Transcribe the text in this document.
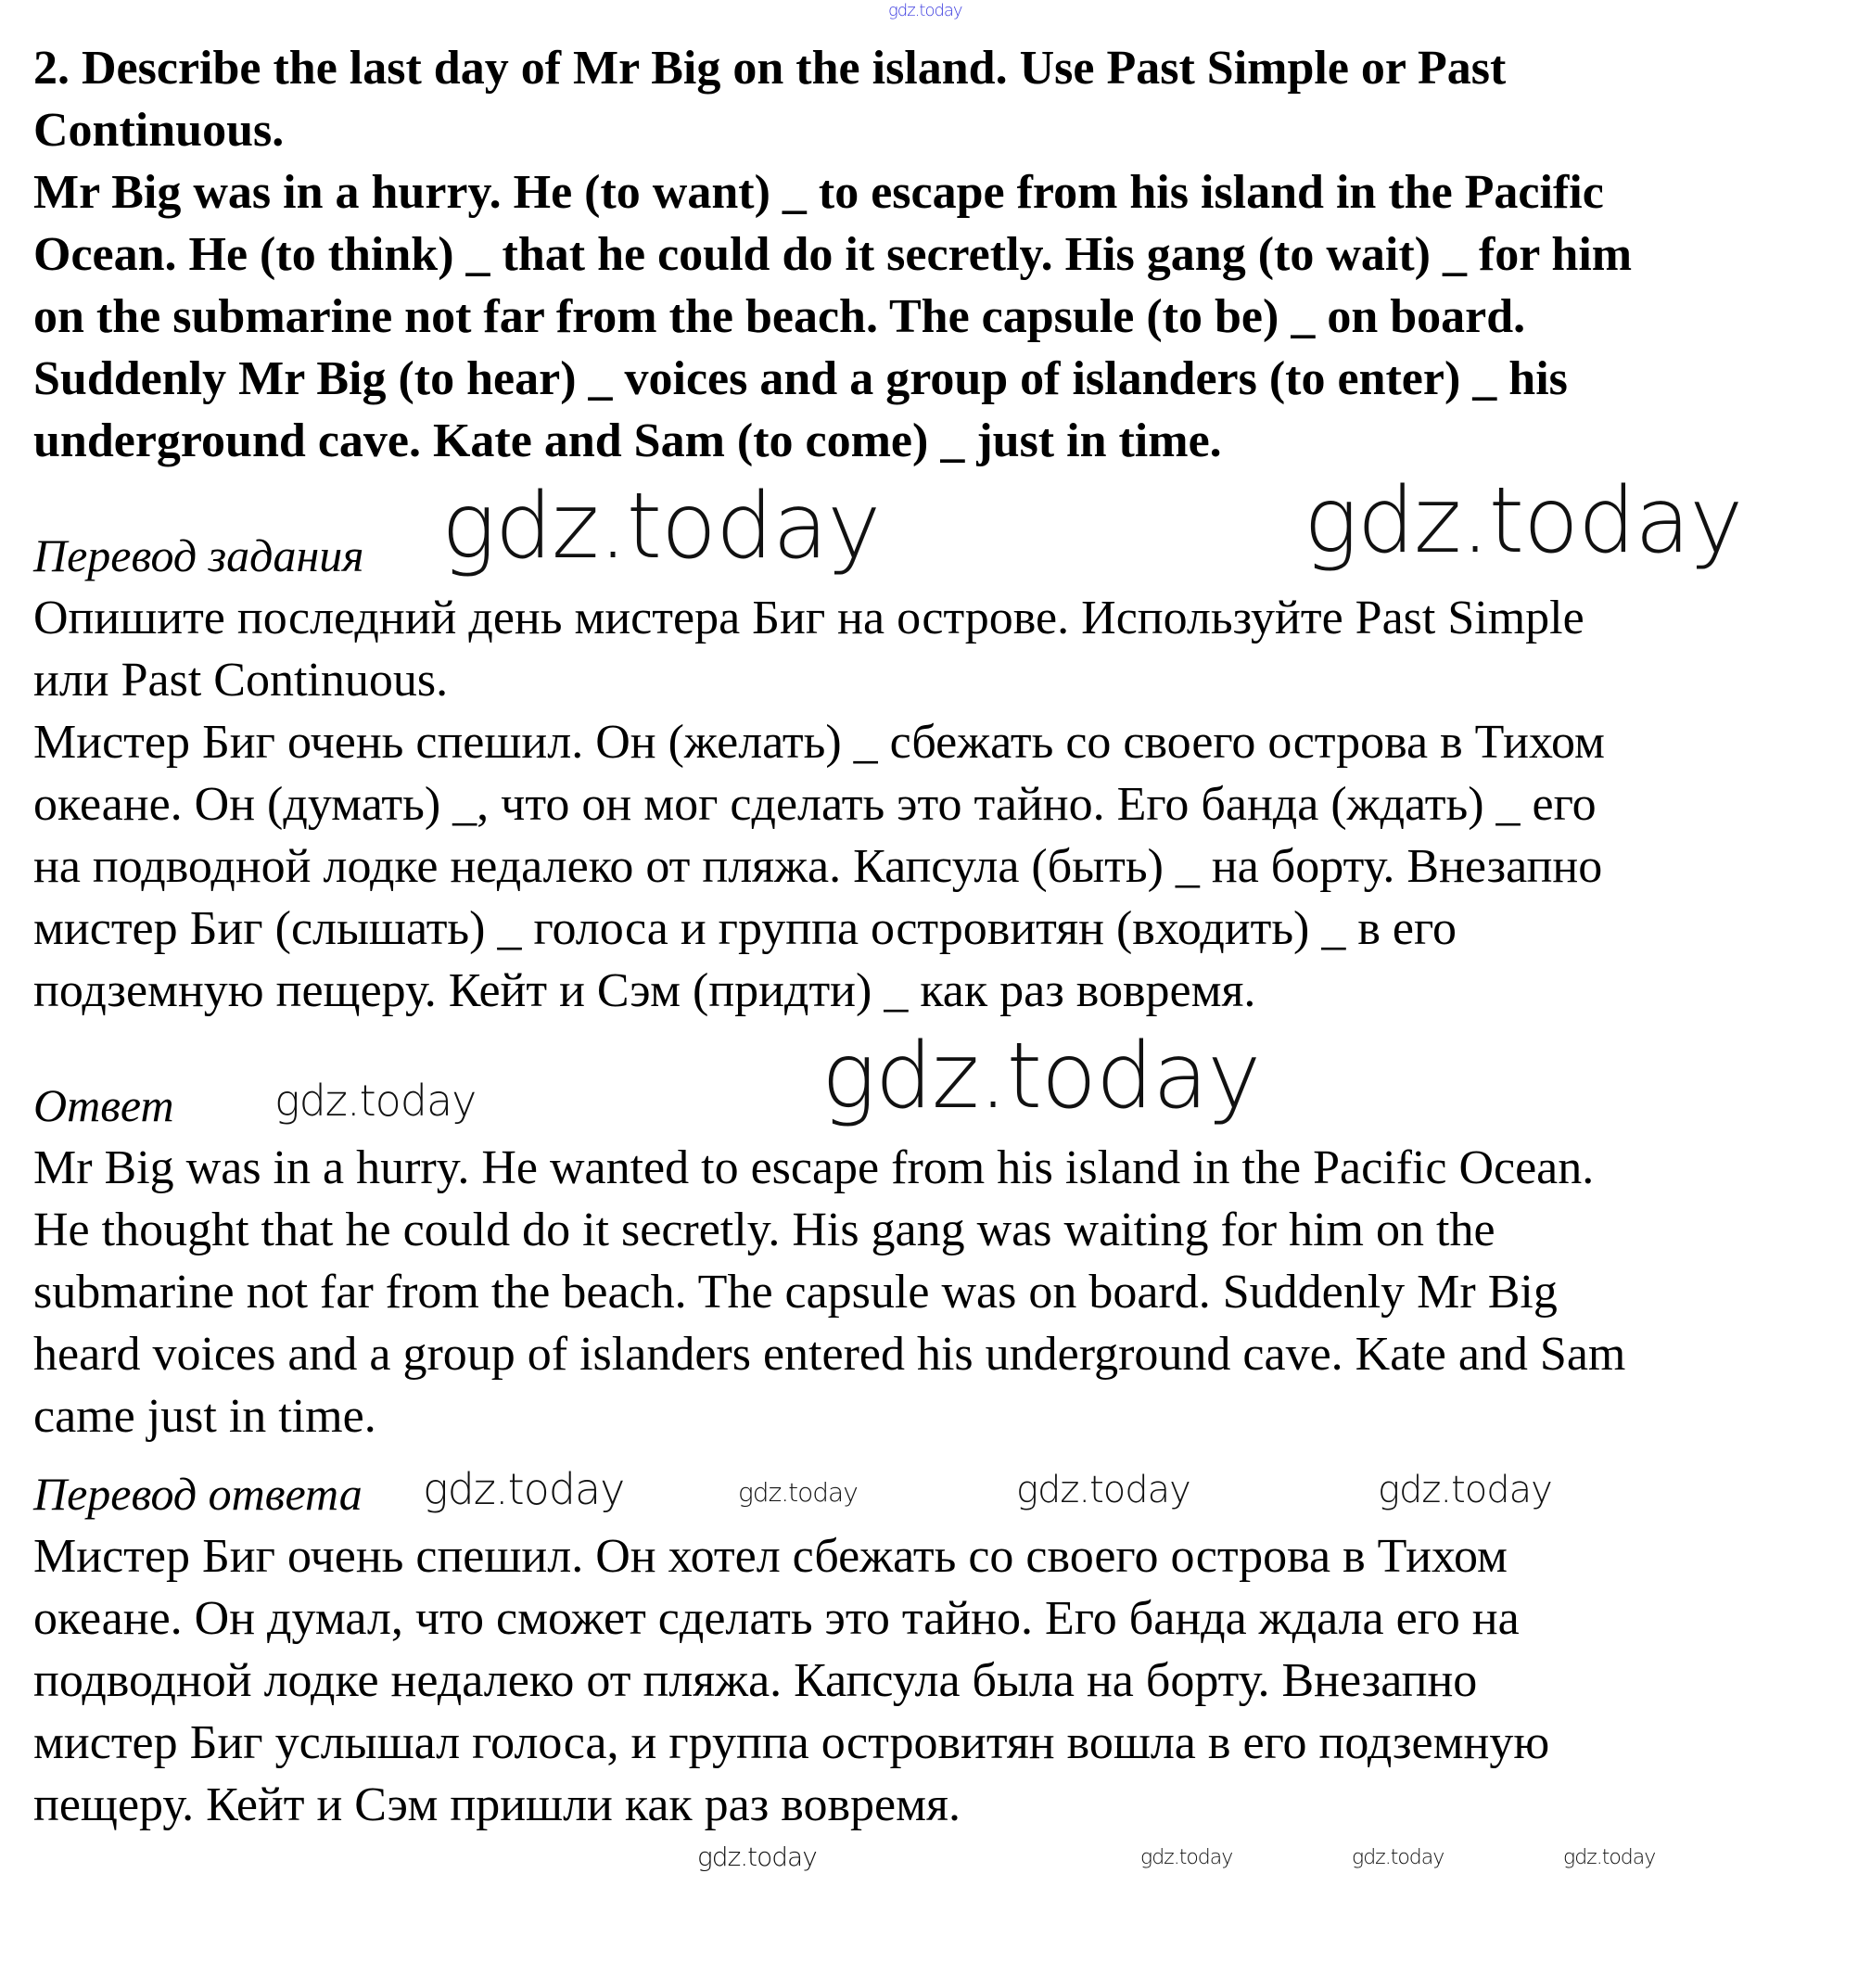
gdz.today
2. Describe the last day of Mr Big on the island. Use Past Simple or Past
Continuous.
Mr Big was in a hurry. He (to want) _ to escape from his island in the Pacific
Ocean. He (to think) _ that he could do it secretly. His gang (to wait) _ for him
on the submarine not far from the beach. The capsule (to be) _ on board.
Suddenly Mr Big (to hear) _ voices and a group of islanders (to enter) _ his
underground cave. Kate and Sam (to come) _ just in time.
Перевод задания gdz.today	gdz.today
Опишите последний день мистера Биг на острове. Используйте Past Simple
или Past Continuous.
Мистер Биг очень спешил. Он (желать) _ сбежать со своего острова в Тихом
океане. Он (думать) _, что он мог сделать это тайно. Его банда (ждать) _ его
на подводной лодке недалеко от пляжа. Капсула (быть) _ на борту. Внезапно
мистер Биг (слышать) _ голоса и группа островитян (входить) _ в его
подземную пещеру. Кейт и Сэм (придти) _ как раз вовремя.
Ответ gdz.today	gdz.today
Mr Big was in a hurry. He wanted to escape from his island in the Pacific Ocean.
He thought that he could do it secretly. His gang was waiting for him on the
submarine not far from the beach. The capsule was on board. Suddenly Mr Big
heard voices and a group of islanders entered his underground cave. Kate and Sam
came just in time.
Перевод ответа gdz.today	gdz.today	gdz.today	gdz.today
Мистер Биг очень спешил. Он хотел сбежать со своего острова в Тихом
океане. Он думал, что сможет сделать это тайно. Его банда ждала его на
подводной лодке недалеко от пляжа. Капсула была на борту. Внезапно
мистер Биг услышал голоса, и группа островитян вошла в его подземную
пещеру. Кейт и Сэм пришли как раз вовремя.
gdz.today	gdz.today	gdz.today	gdz.today
